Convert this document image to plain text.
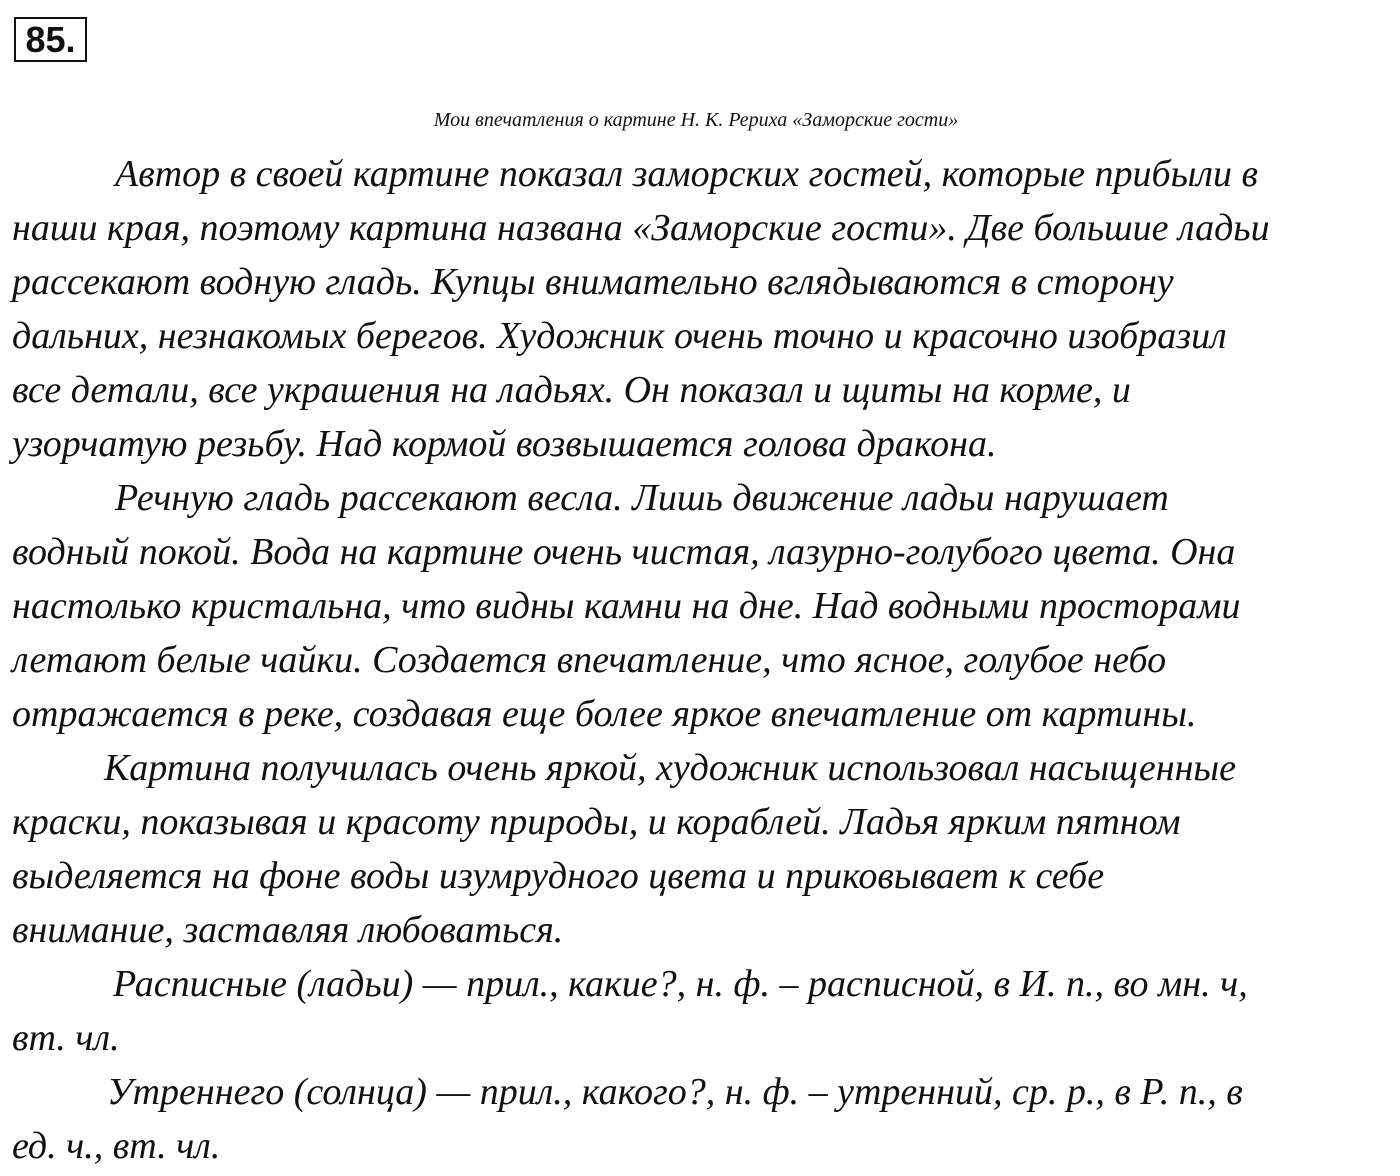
85.
Мои впечатления о картине Н. К. Рериха «Заморские гости»
Автор в своей картине показал заморских гостей, которые прибыли в
наши края, поэтому картина названа «Заморские гости». Две большие ладьи
рассекают водную гладь. Купцы внимательно вглядываются в сторону
дальних, незнакомых берегов. Художник очень точно и красочно изобразил
все детали, все украшения на ладьях. Он показал и щиты на корме, и
узорчатую резьбу. Над кормой возвышается голова дракона.
Речную гладь рассекают весла. Лишь движение ладьи нарушает
водный покой. Вода на картине очень чистая, лазурно-голубого цвета. Она
настолько кристальна, что видны камни на дне. Над водными просторами
летают белые чайки. Создается впечатление, что ясное, голубое небо
отражается в реке, создавая еще более яркое впечатление от картины.
Картина получилась очень яркой, художник использовал насыщенные
краски, показывая и красоту природы, и кораблей. Ладья ярким пятном
выделяется на фоне воды изумрудного цвета и приковывает к себе
внимание, заставляя любоваться.
Расписные (ладьи) — прил., какие?, н. ф. – расписной, в И. п., во мн. ч,
вт. чл.
Утреннего (солнца) — прил., какого?, н. ф. – утренний, ср. р., в Р. п., в
ед. ч., вт. чл.
